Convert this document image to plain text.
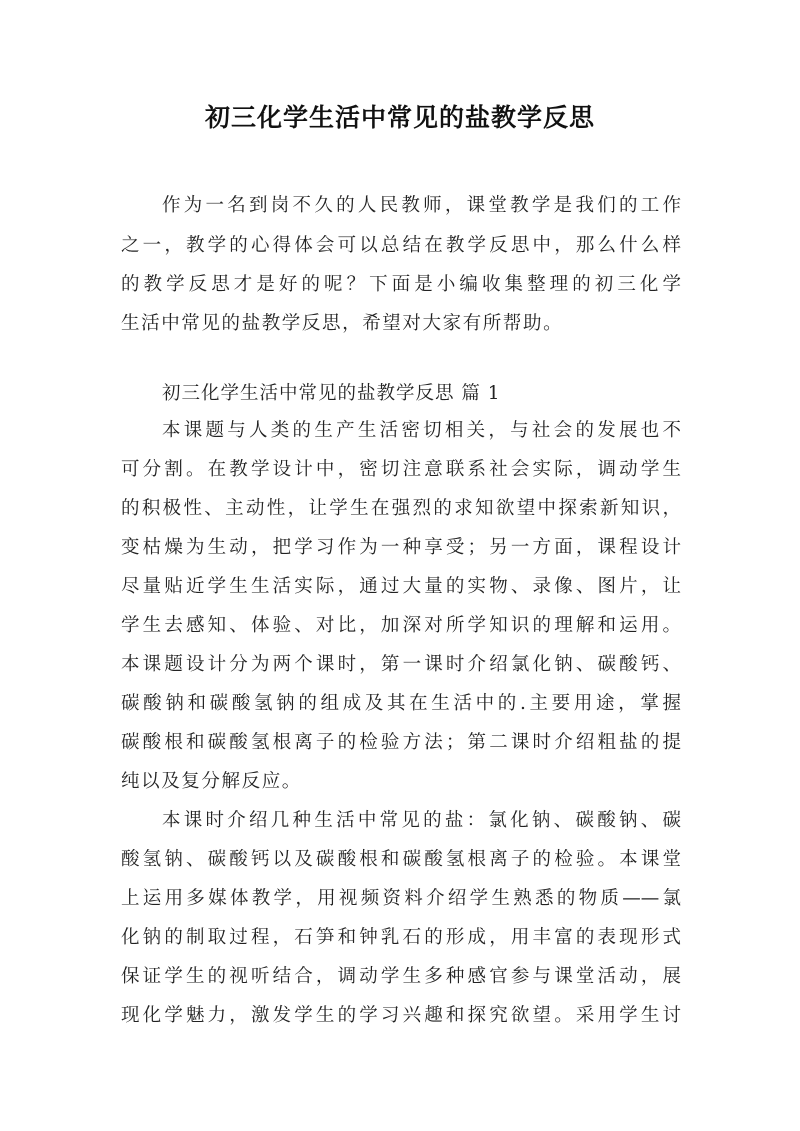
初三化学生活中常见的盐教学反思
作为一名到岗不久的人民教师，课堂教学是我们的工作
之一，教学的心得体会可以总结在教学反思中，那么什么样
的教学反思才是好的呢？下面是小编收集整理的初三化学
生活中常见的盐教学反思，希望对大家有所帮助。
初三化学生活中常见的盐教学反思 篇 1
本课题与人类的生产生活密切相关，与社会的发展也不
可分割。在教学设计中，密切注意联系社会实际，调动学生
的积极性、主动性，让学生在强烈的求知欲望中探索新知识，
变枯燥为生动，把学习作为一种享受；另一方面，课程设计
尽量贴近学生生活实际，通过大量的实物、录像、图片，让
学生去感知、体验、对比，加深对所学知识的理解和运用。
本课题设计分为两个课时，第一课时介绍氯化钠、碳酸钙、
碳酸钠和碳酸氢钠的组成及其在生活中的.主要用途，掌握
碳酸根和碳酸氢根离子的检验方法；第二课时介绍粗盐的提
纯以及复分解反应。
本课时介绍几种生活中常见的盐：氯化钠、碳酸钠、碳
酸氢钠、碳酸钙以及碳酸根和碳酸氢根离子的检验。本课堂
上运用多媒体教学，用视频资料介绍学生熟悉的物质——氯
化钠的制取过程，石笋和钟乳石的形成，用丰富的表现形式
保证学生的视听结合，调动学生多种感官参与课堂活动，展
现化学魅力，激发学生的学习兴趣和探究欲望。采用学生讨
